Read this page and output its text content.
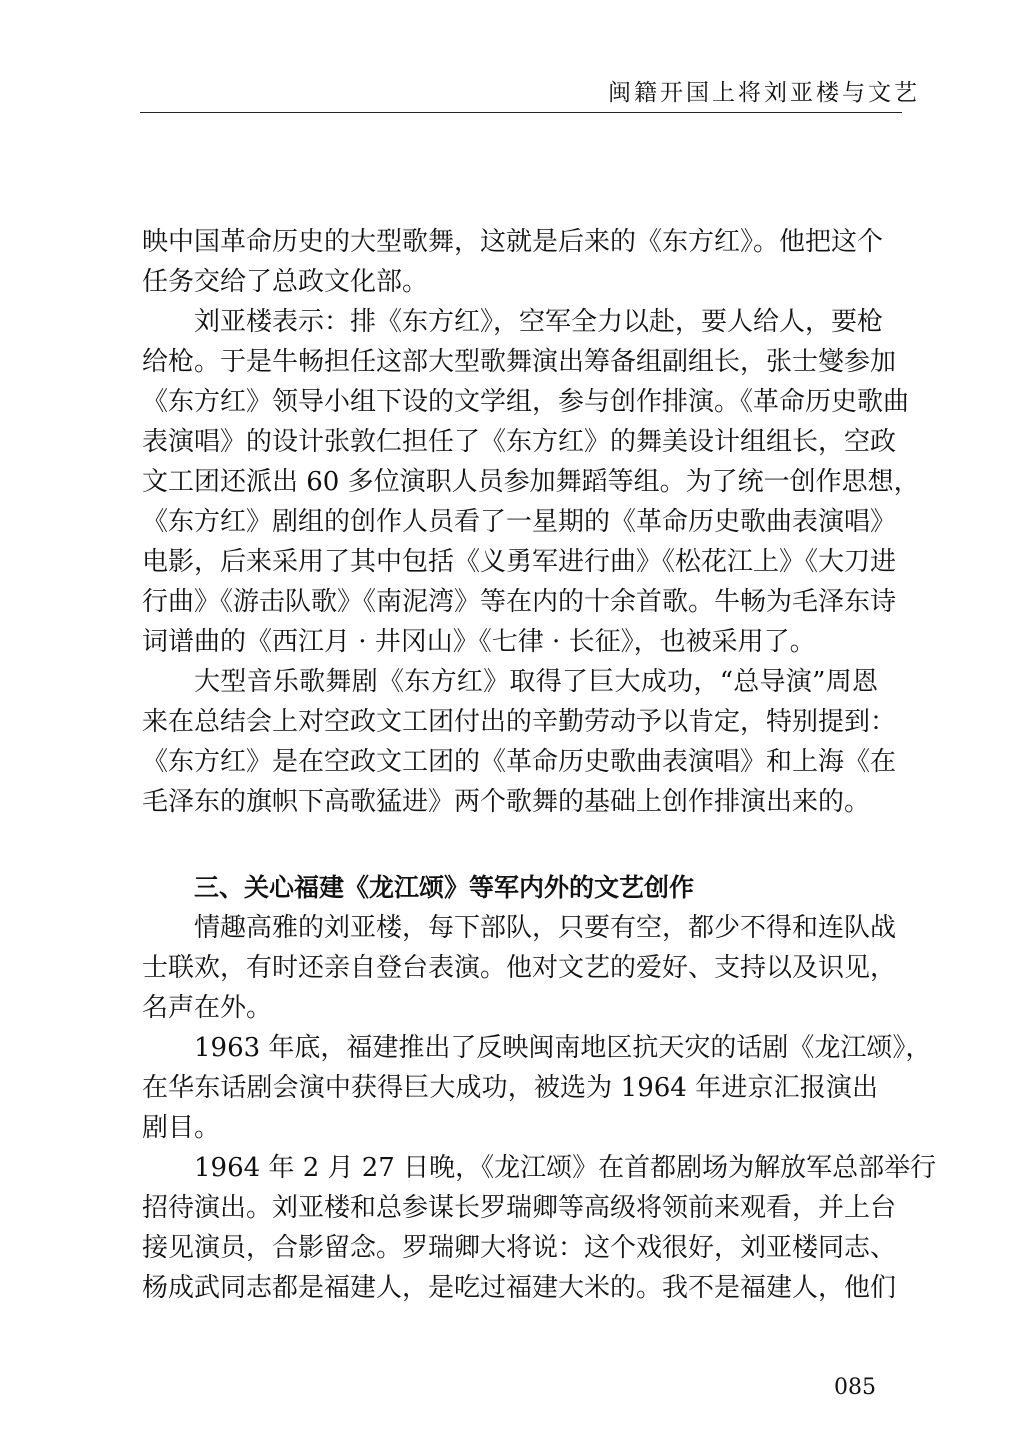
闽籍开国上将刘亚楼与文艺
映中国革命历史的大型歌舞，这就是后来的《东方红》。他把这个
任务交给了总政文化部。
刘亚楼表示：排《东方红》，空军全力以赴，要人给人，要枪
给枪。于是牛畅担任这部大型歌舞演出筹备组副组长，张士燮参加
《东方红》领导小组下设的文学组，参与创作排演。《革命历史歌曲
表演唱》的设计张敦仁担任了《东方红》的舞美设计组组长，空政
文工团还派出 60 多位演职人员参加舞蹈等组。为了统一创作思想，
《东方红》剧组的创作人员看了一星期的《革命历史歌曲表演唱》
电影，后来采用了其中包括《义勇军进行曲》《松花江上》《大刀进
行曲》《游击队歌》《南泥湾》等在内的十余首歌。牛畅为毛泽东诗
词谱曲的《西江月 · 井冈山》《七律 · 长征》，也被采用了。
大型音乐歌舞剧《东方红》取得了巨大成功，“总导演”周恩
来在总结会上对空政文工团付出的辛勤劳动予以肯定，特别提到：
《东方红》是在空政文工团的《革命历史歌曲表演唱》和上海《在
毛泽东的旗帜下高歌猛进》两个歌舞的基础上创作排演出来的。
三、关心福建《龙江颂》等军内外的文艺创作
情趣高雅的刘亚楼，每下部队，只要有空，都少不得和连队战
士联欢，有时还亲自登台表演。他对文艺的爱好、支持以及识见，
名声在外。
1963 年底，福建推出了反映闽南地区抗天灾的话剧《龙江颂》，
在华东话剧会演中获得巨大成功，被选为 1964 年进京汇报演出
剧目。
1964 年 2 月 27 日晚，《龙江颂》在首都剧场为解放军总部举行
招待演出。刘亚楼和总参谋长罗瑞卿等高级将领前来观看，并上台
接见演员，合影留念。罗瑞卿大将说：这个戏很好，刘亚楼同志、
杨成武同志都是福建人，是吃过福建大米的。我不是福建人，他们
085
